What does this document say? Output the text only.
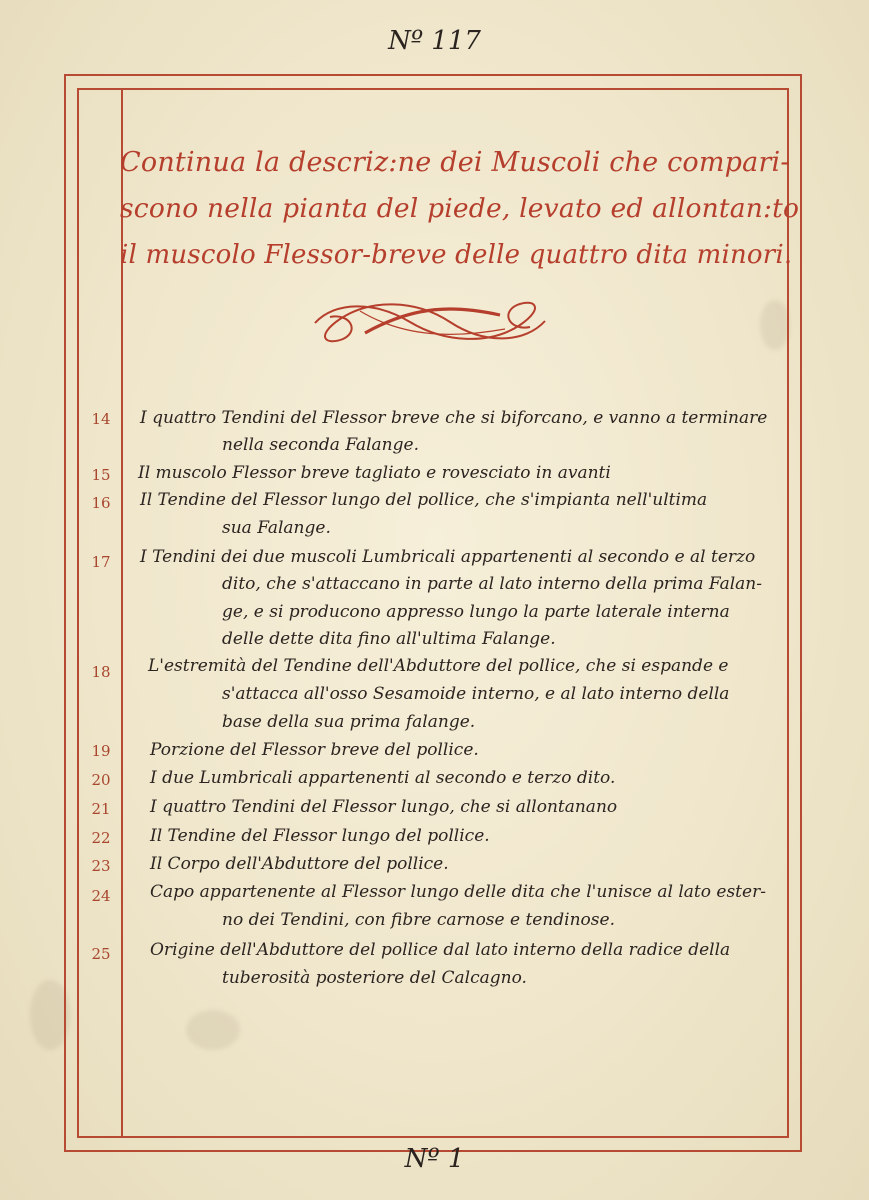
Nº 117
Continua la descriz:ne dei Muscoli che compari-
scono nella pianta del piede, levato ed allontan:to
il muscolo Flessor-breve delle quattro dita minori.
14	I quattro Tendini del Flessor breve che si biforcano, e vanno a terminare
nella seconda Falange.
15	Il muscolo Flessor breve tagliato e rovesciato in avanti
16	Il Tendine del Flessor lungo del pollice, che s'impianta nell'ultima
sua Falange.
17	I Tendini dei due muscoli Lumbricali appartenenti al secondo e al terzo
dito, che s'attaccano in parte al lato interno della prima Falan-
ge, e si producono appresso lungo la parte laterale interna
delle dette dita fino all'ultima Falange.
18	L'estremità del Tendine dell'Abduttore del pollice, che si espande e
s'attacca all'osso Sesamoide interno, e al lato interno della
base della sua prima falange.
19	Porzione del Flessor breve del pollice.
20	I due Lumbricali appartenenti al secondo e terzo dito.
21	I quattro Tendini del Flessor lungo, che si allontanano
22	Il Tendine del Flessor lungo del pollice.
23	Il Corpo dell'Abduttore del pollice.
24	Capo appartenente al Flessor lungo delle dita che l'unisce al lato ester-
no dei Tendini, con fibre carnose e tendinose.
25	Origine dell'Abduttore del pollice dal lato interno della radice della
tuberosità posteriore del Calcagno.
Nº 1
